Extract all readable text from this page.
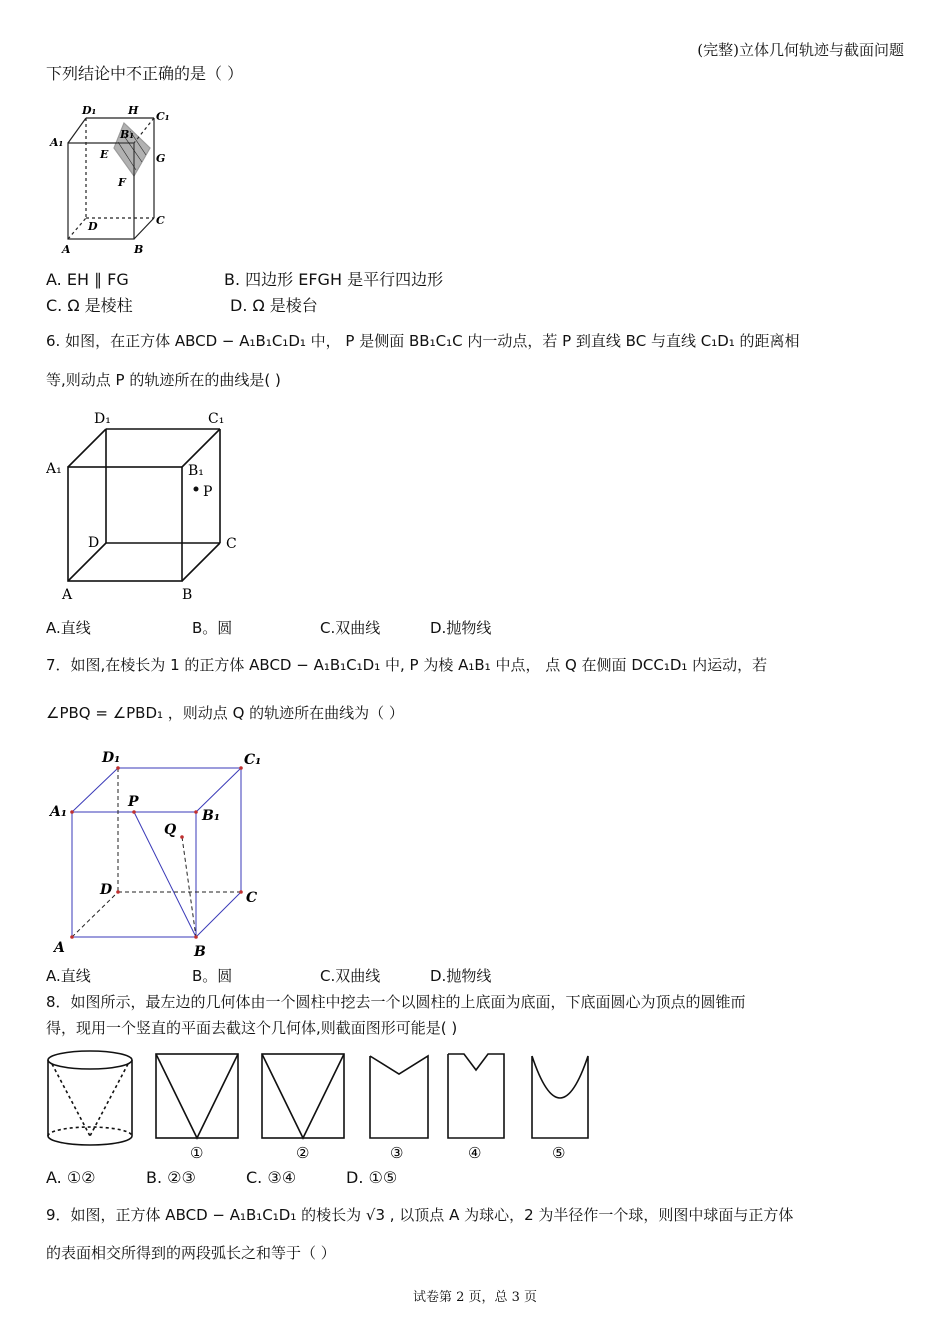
(完整)立体几何轨迹与截面问题
下列结论中不正确的是（ ）
D₁	H C₁
A₁
B₁
E	G
F
D	C
A	B
A. EH ∥ FG	B. 四边形 EFGH 是平行四边形
C. Ω 是棱柱	D. Ω 是棱台
6. 如图，在正方体 ABCD − A₁B₁C₁D₁ 中， P 是侧面 BB₁C₁C 内一动点，若 P 到直线 BC 与直线 C₁D₁ 的距离相
等,则动点 P 的轨迹所在的曲线是( )
D₁	C₁
A₁	B₁
P
D	C
A	B
A.直线	B。圆	C.双曲线	D.抛物线
7．如图,在棱长为 1 的正方体 ABCD − A₁B₁C₁D₁ 中, P 为棱 A₁B₁ 中点， 点 Q 在侧面 DCC₁D₁ 内运动，若
∠PBQ = ∠PBD₁ ，则动点 Q 的轨迹所在曲线为（ ）
D₁	C₁
A₁
P
B₁
Q
D	C
A	B
A.直线	B。圆	C.双曲线	D.抛物线
8．如图所示，最左边的几何体由一个圆柱中挖去一个以圆柱的上底面为底面，下底面圆心为顶点的圆锥而
得，现用一个竖直的平面去截这个几何体,则截面图形可能是( )
①	②	③	④	⑤
A. ①②	B. ②③	C. ③④	D. ①⑤
9．如图，正方体 ABCD − A₁B₁C₁D₁ 的棱长为 √3 , 以顶点 A 为球心，2 为半径作一个球，则图中球面与正方体
的表面相交所得到的两段弧长之和等于（ ）
试卷第 2 页，总 3 页
